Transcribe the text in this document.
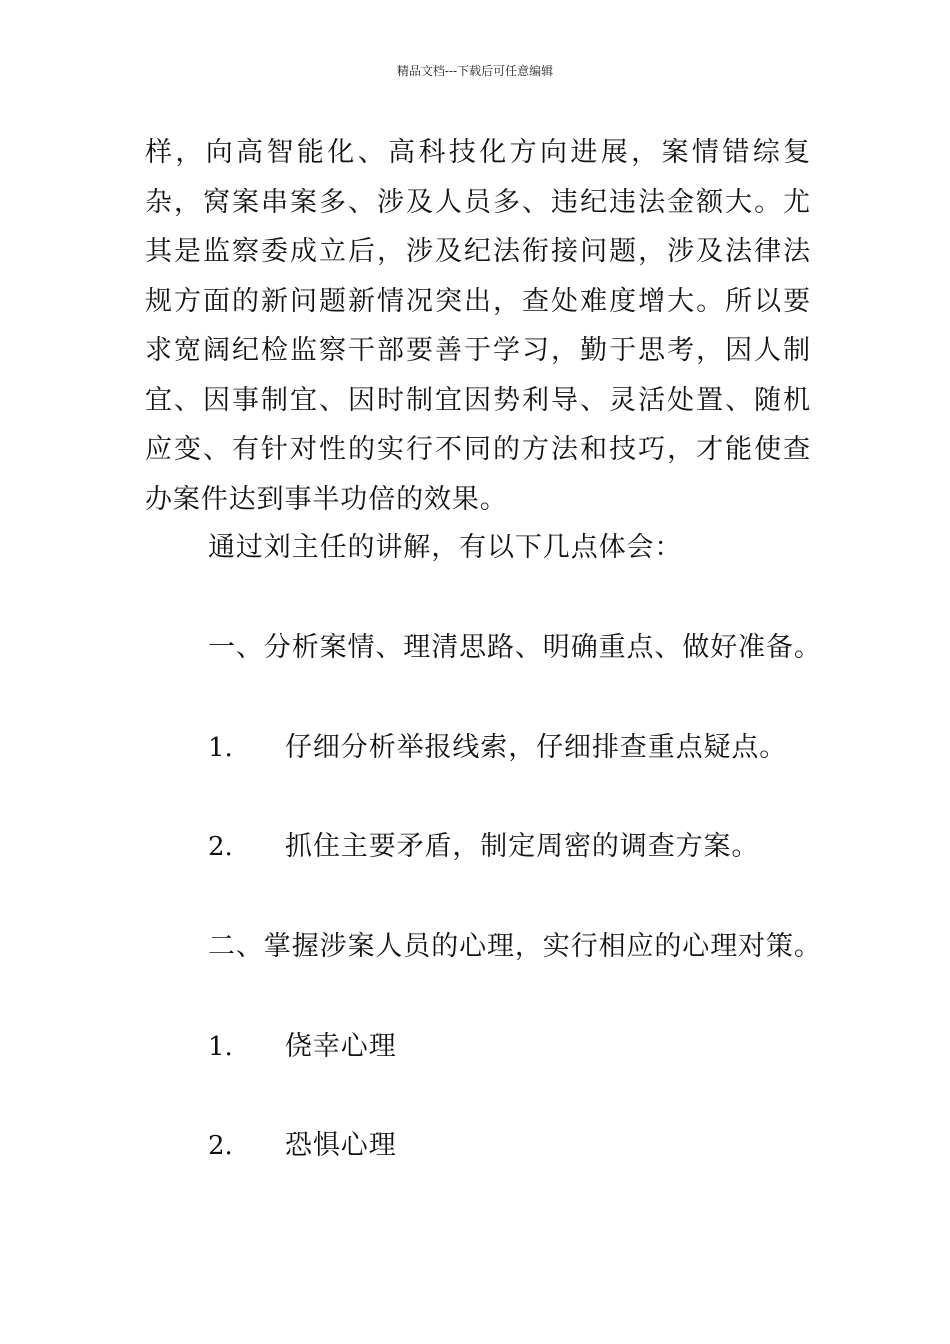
精品文档---下载后可任意编辑

样，向高智能化、高科技化方向进展，案情错综复杂，窝案串案多、涉及人员多、违纪违法金额大。尤其是监察委成立后，涉及纪法衔接问题，涉及法律法规方面的新问题新情况突出，查处难度增大。所以要求宽阔纪检监察干部要善于学习，勤于思考，因人制宜、因事制宜、因时制宜因势利导、灵活处置、随机应变、有针对性的实行不同的方法和技巧，才能使查办案件达到事半功倍的效果。

通过刘主任的讲解，有以下几点体会：
一、分析案情、理清思路、明确重点、做好准备。
1. 仔细分析举报线索，仔细排查重点疑点。
2. 抓住主要矛盾，制定周密的调查方案。
二、掌握涉案人员的心理，实行相应的心理对策。
1. 侥幸心理
2. 恐惧心理
